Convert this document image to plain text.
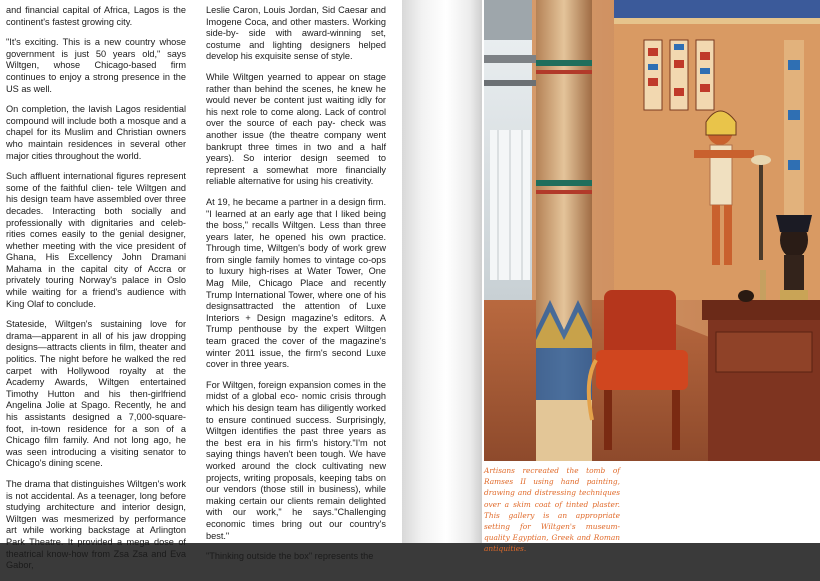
and financial capital of Africa, Lagos is the continent's fastest growing city.

"It's exciting. This is a new country whose government is just 50 years old," says Wiltgen, whose Chicago-based firm continues to enjoy a strong presence in the US as well.

On completion, the lavish Lagos residential compound will include both a mosque and a chapel for its Muslim and Christian owners who maintain residences in several other major cities throughout the world.

Such affluent international figures represent some of the faithful clien- tele Wiltgen and his design team have assembled over three decades. Interacting both socially and professionally with dignitaries and celeb- rities comes easily to the genial designer, whether meeting with the vice president of Ghana, His Excellency John Dramani Mahama in the capital city of Accra or privately touring Norway's palace in Oslo while waiting for a friend's audience with King Olaf to conclude.

Stateside, Wiltgen's sustaining love for drama—apparent in all of his jaw dropping designs—attracts clients in film, theater and politics. The night before he walked the red carpet with Hollywood royalty at the Academy Awards, Wiltgen entertained Timothy Hutton and his then-girlfriend Angelina Jolie at Spago. Recently, he and his assistants designed a 7,000-square-foot, in-town residence for a son of a Chicago film family. And not long ago, he was seen introducing a visiting senator to Chicago's dining scene.

The drama that distinguishes Wiltgen's work is not accidental. As a teenager, long before studying architecture and interior design, Wiltgen was mesmerized by performance art while working backstage at Arlington Park Theatre. It provided a mega dose of theatrical know-how from Zsa Zsa and Eva Gabor,

Leslie Caron, Louis Jordan, Sid Caesar and Imogene Coca, and other masters. Working side-by- side with award-winning set, costume and lighting designers helped develop his exquisite sense of style.

While Wiltgen yearned to appear on stage rather than behind the scenes, he knew he would never be content just waiting idly for his next role to come along. Lack of control over the source of each pay- check was another issue (the theatre company went bankrupt three times in two and a half years). So interior design seemed to represent a somewhat more financially reliable alternative for using his creativity.

At 19, he became a partner in a design firm. "I learned at an early age that I liked being the boss," recalls Wiltgen. Less than three years later, he opened his own practice. Through time, Wiltgen's body of work grew from single family homes to vintage co-ops to luxury high-rises at Water Tower, One Mag Mile, Chicago Place and recently Trump International Tower, where one of his designsattracted the attention of Luxe Interiors + Design magazine's editors. A Trump penthouse by the expert Wiltgen team graced the cover of the magazine's winter 2011 issue, the firm's second Luxe cover in three years.

For Wiltgen, foreign expansion comes in the midst of a global eco- nomic crisis through which his design team has diligently worked to ensure continued success. Surprisingly, Wiltgen identifies the past three years as the best era in his firm's history."I'm not saying things haven't been tough. We have worked around the clock cultivating new projects, writing proposals, keeping tabs on our vendors (those still in business), while making certain our clients remain delighted with our work," he says."Challenging economic times bring out our country's best."

"Thinking outside the box" represents the

Artisans recreated the tomb of Ramses II using hand painting, drawing and distressing techniques over a skim coat of tinted plaster. This gallery is an appropriate setting for Wiltgen's museum-quality Egyptian, Greek and Roman antiquities.
